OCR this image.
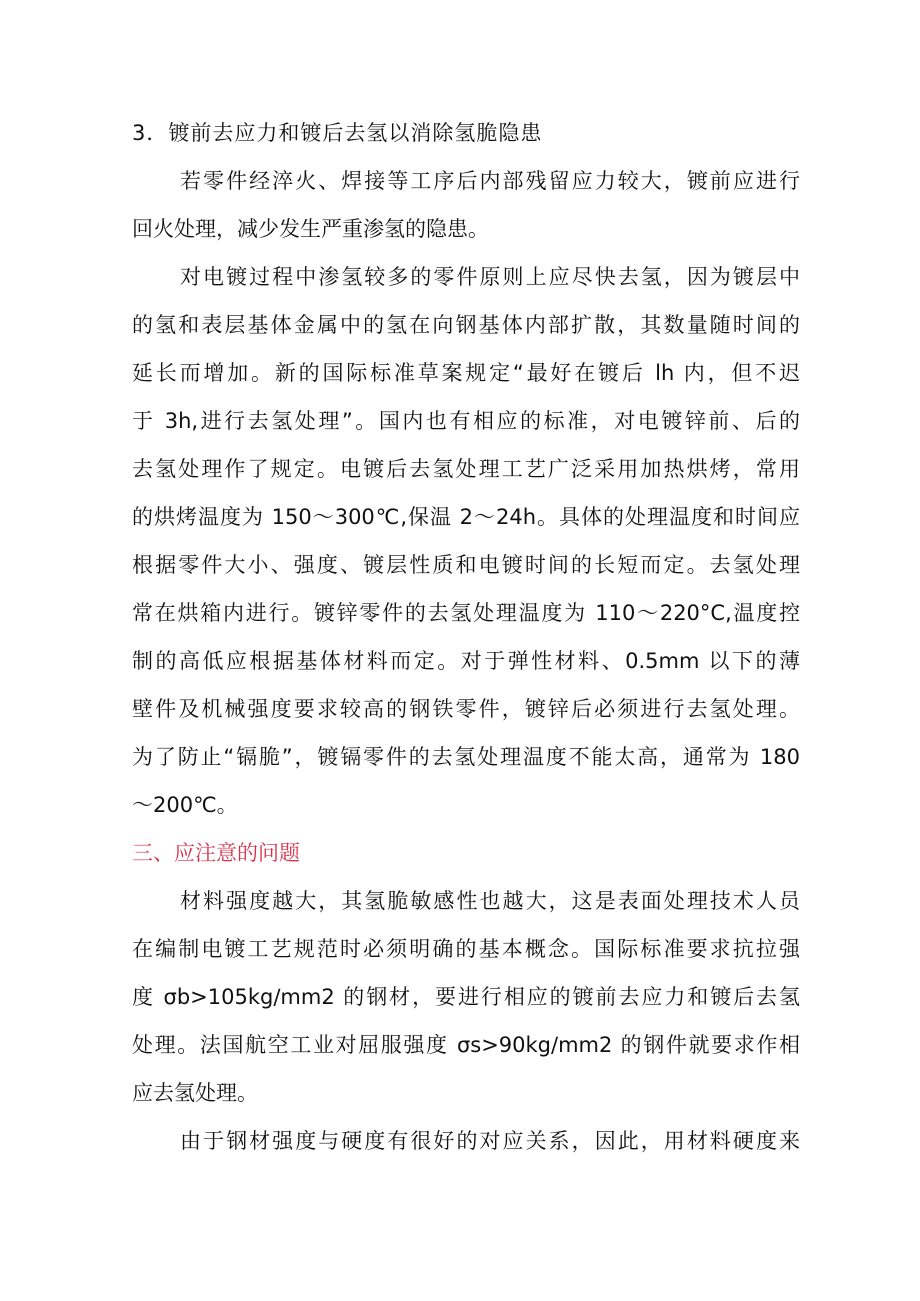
3．镀前去应力和镀后去氢以消除氢脆隐患
若零件经淬火、焊接等工序后内部残留应力较大，镀前应进行
回火处理，减少发生严重渗氢的隐患。
对电镀过程中渗氢较多的零件原则上应尽快去氢，因为镀层中
的氢和表层基体金属中的氢在向钢基体内部扩散，其数量随时间的
延长而增加。新的国际标准草案规定“最好在镀后 lh 内，但不迟
于 3h,进行去氢处理”。国内也有相应的标准，对电镀锌前、后的
去氢处理作了规定。电镀后去氢处理工艺广泛采用加热烘烤，常用
的烘烤温度为 150～300℃,保温 2～24h。具体的处理温度和时间应
根据零件大小、强度、镀层性质和电镀时间的长短而定。去氢处理
常在烘箱内进行。镀锌零件的去氢处理温度为 110～220°C,温度控
制的高低应根据基体材料而定。对于弹性材料、0.5mm 以下的薄
壁件及机械强度要求较高的钢铁零件，镀锌后必须进行去氢处理。
为了防止“镉脆”，镀镉零件的去氢处理温度不能太高，通常为 180
～200℃。
三、应注意的问题
材料强度越大，其氢脆敏感性也越大，这是表面处理技术人员
在编制电镀工艺规范时必须明确的基本概念。国际标准要求抗拉强
度 σb>105kg∕mm2 的钢材，要进行相应的镀前去应力和镀后去氢
处理。法国航空工业对屈服强度 σs>90kg∕mm2 的钢件就要求作相
应去氢处理。
由于钢材强度与硬度有很好的对应关系，因此，用材料硬度来
